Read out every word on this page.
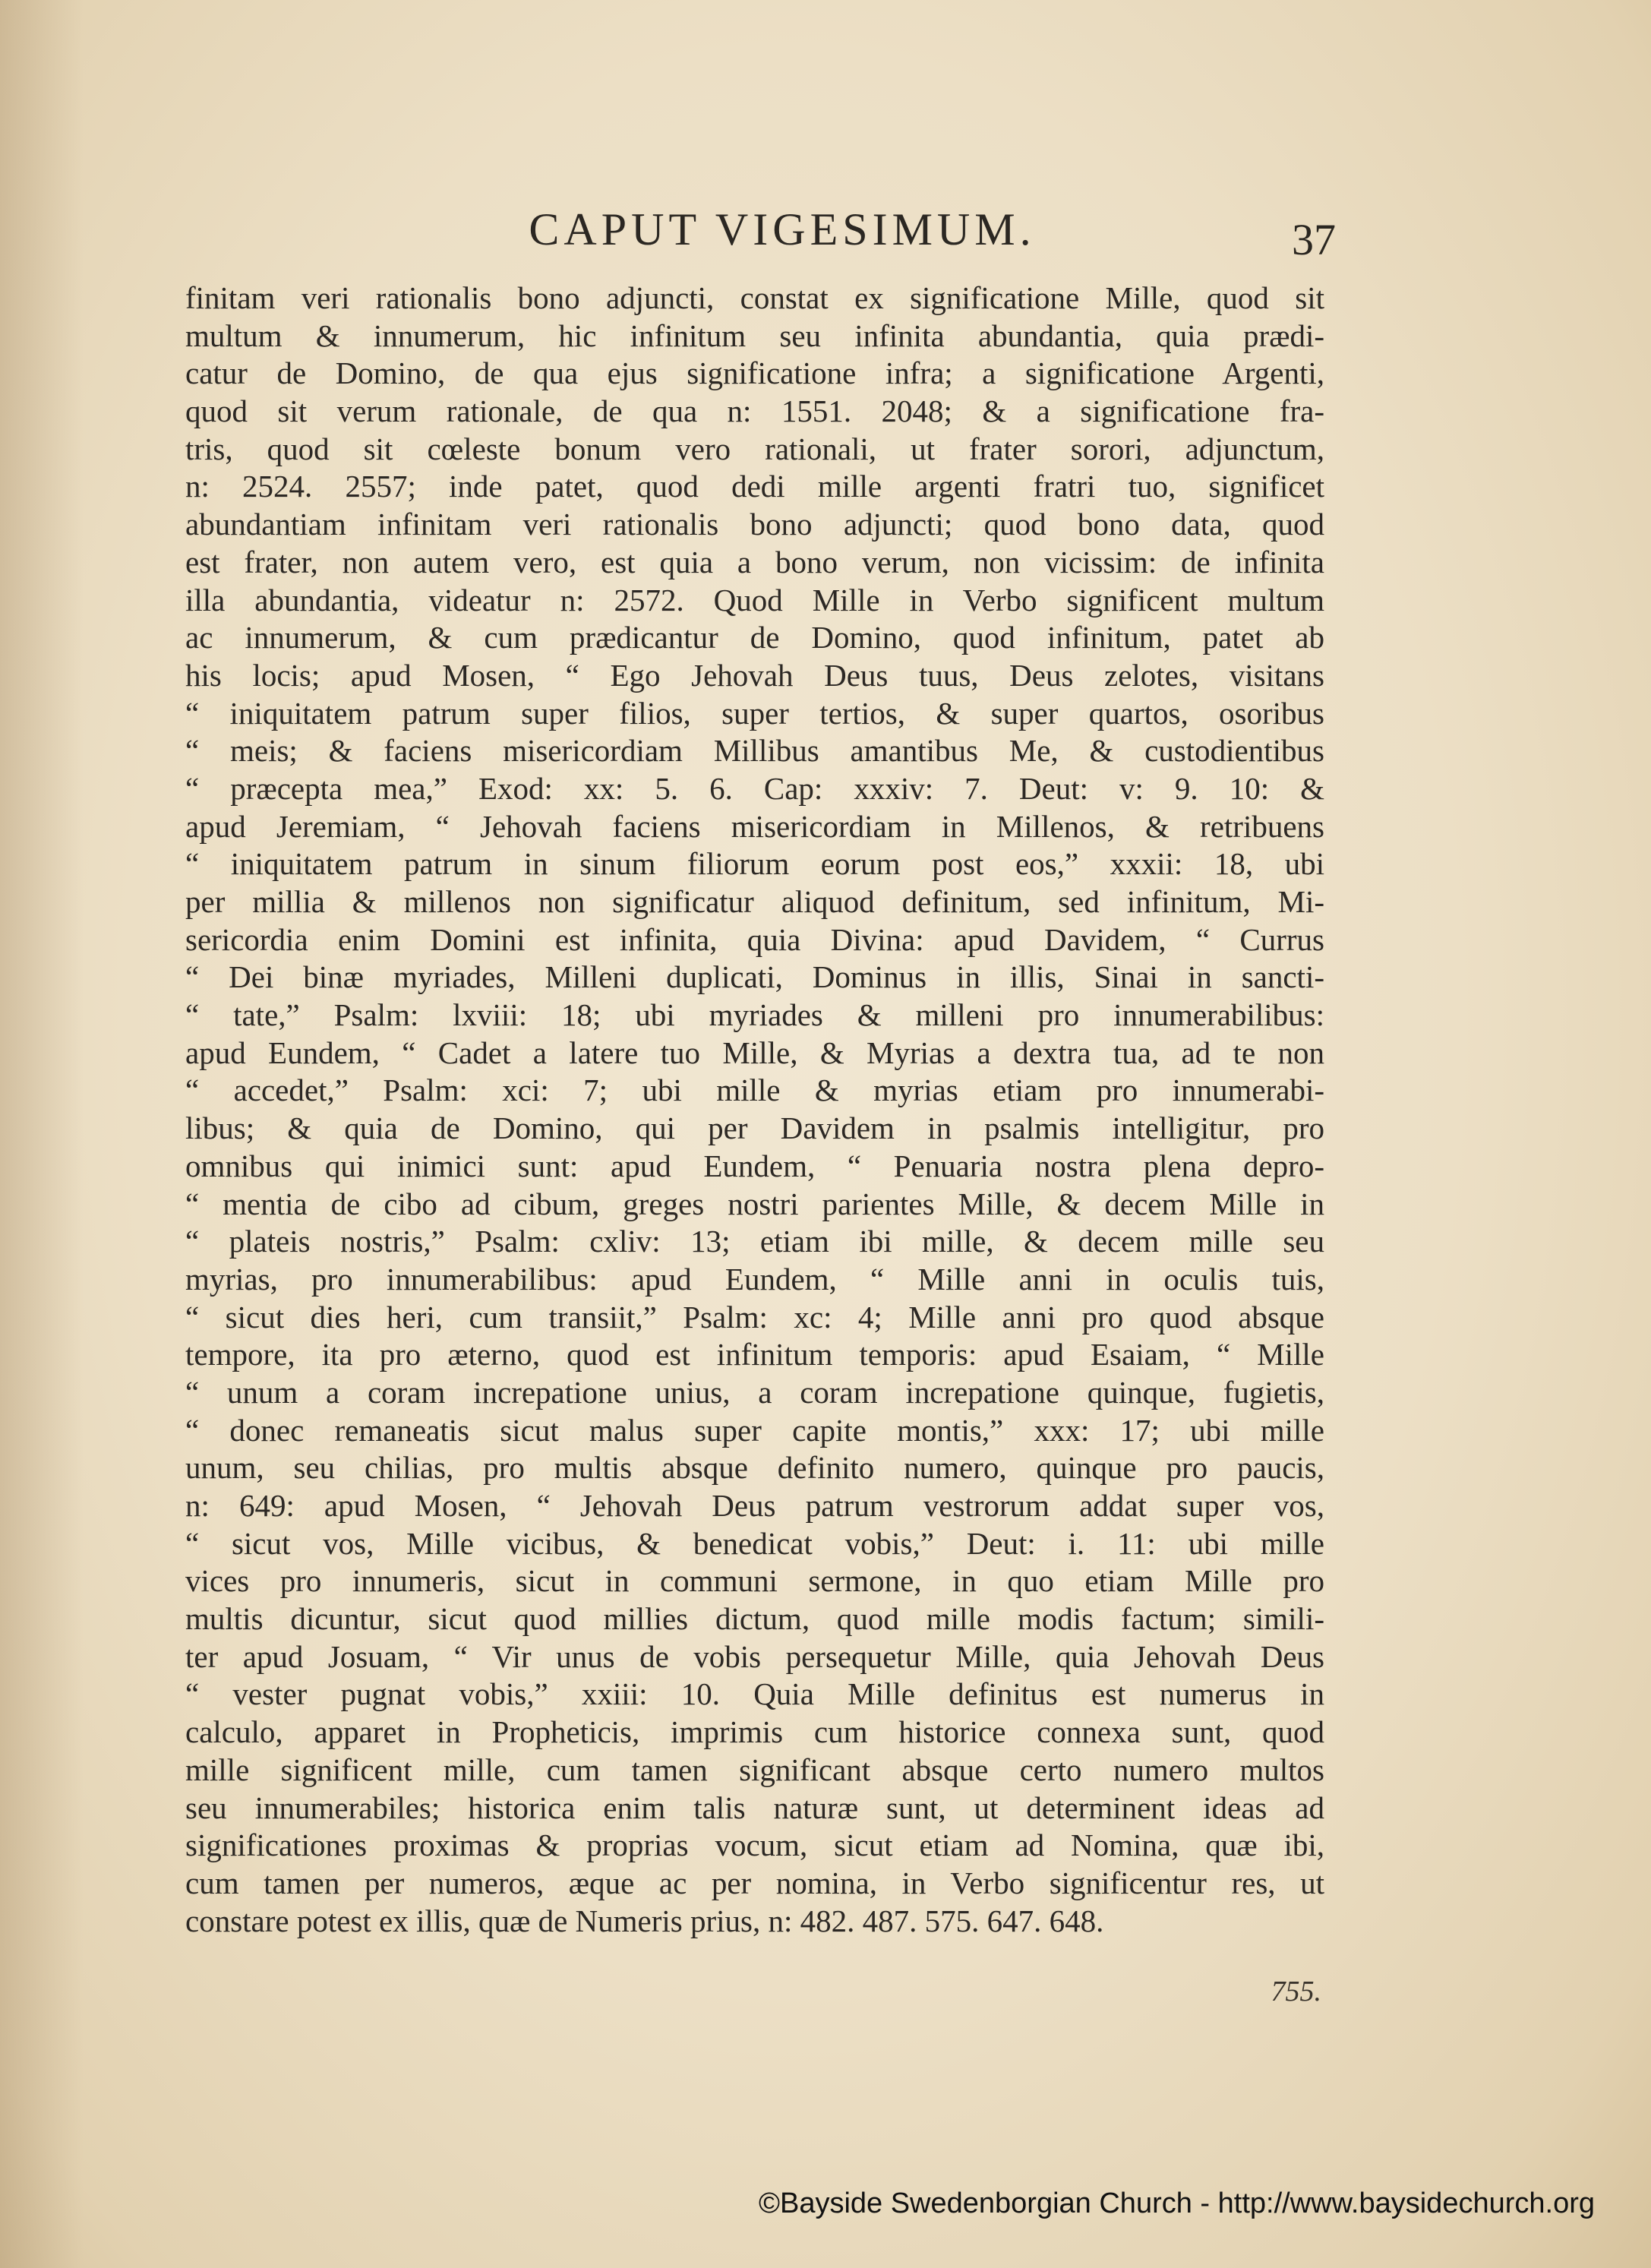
CAPUT VIGESIMUM.	37
finitam veri rationalis bono adjuncti, constat ex significatione Mille, quod sit
multum & innumerum, hic infinitum seu infinita abundantia, quia prædi-
catur de Domino, de qua ejus significatione infra; a significatione Argenti,
quod sit verum rationale, de qua n: 1551. 2048; & a significatione fra-
tris, quod sit cœleste bonum vero rationali, ut frater sorori, adjunctum,
n: 2524. 2557; inde patet, quod dedi mille argenti fratri tuo, significet
abundantiam infinitam veri rationalis bono adjuncti; quod bono data, quod
est frater, non autem vero, est quia a bono verum, non vicissim: de infinita
illa abundantia, videatur n: 2572. Quod Mille in Verbo significent multum
ac innumerum, & cum prædicantur de Domino, quod infinitum, patet ab
his locis; apud Mosen, “ Ego Jehovah Deus tuus, Deus zelotes, visitans
“ iniquitatem patrum super filios, super tertios, & super quartos, osoribus
“ meis; & faciens misericordiam Millibus amantibus Me, & custodientibus
“ præcepta mea,” Exod: xx: 5. 6. Cap: xxxiv: 7. Deut: v: 9. 10: &
apud Jeremiam, “ Jehovah faciens misericordiam in Millenos, & retribuens
“ iniquitatem patrum in sinum filiorum eorum post eos,” xxxii: 18, ubi
per millia & millenos non significatur aliquod definitum, sed infinitum, Mi-
sericordia enim Domini est infinita, quia Divina: apud Davidem, “ Currus
“ Dei binæ myriades, Milleni duplicati, Dominus in illis, Sinai in sancti-
“ tate,” Psalm: lxviii: 18; ubi myriades & milleni pro innumerabilibus:
apud Eundem, “ Cadet a latere tuo Mille, & Myrias a dextra tua, ad te non
“ accedet,” Psalm: xci: 7; ubi mille & myrias etiam pro innumerabi-
libus; & quia de Domino, qui per Davidem in psalmis intelligitur, pro
omnibus qui inimici sunt: apud Eundem, “ Penuaria nostra plena depro-
“ mentia de cibo ad cibum, greges nostri parientes Mille, & decem Mille in
“ plateis nostris,” Psalm: cxliv: 13; etiam ibi mille, & decem mille seu
myrias, pro innumerabilibus: apud Eundem, “ Mille anni in oculis tuis,
“ sicut dies heri, cum transiit,” Psalm: xc: 4; Mille anni pro quod absque
tempore, ita pro æterno, quod est infinitum temporis: apud Esaiam, “ Mille
“ unum a coram increpatione unius, a coram increpatione quinque, fugietis,
“ donec remaneatis sicut malus super capite montis,” xxx: 17; ubi mille
unum, seu chilias, pro multis absque definito numero, quinque pro paucis,
n: 649: apud Mosen, “ Jehovah Deus patrum vestrorum addat super vos,
“ sicut vos, Mille vicibus, & benedicat vobis,” Deut: i. 11: ubi mille
vices pro innumeris, sicut in communi sermone, in quo etiam Mille pro
multis dicuntur, sicut quod millies dictum, quod mille modis factum; simili-
ter apud Josuam, “ Vir unus de vobis persequetur Mille, quia Jehovah Deus
“ vester pugnat vobis,” xxiii: 10. Quia Mille definitus est numerus in
calculo, apparet in Propheticis, imprimis cum historice connexa sunt, quod
mille significent mille, cum tamen significant absque certo numero multos
seu innumerabiles; historica enim talis naturæ sunt, ut determinent ideas ad
significationes proximas & proprias vocum, sicut etiam ad Nomina, quæ ibi,
cum tamen per numeros, æque ac per nomina, in Verbo significentur res, ut
constare potest ex illis, quæ de Numeris prius, n: 482. 487. 575. 647. 648.
755.
©Bayside Swedenborgian Church - http://www.baysidechurch.org
